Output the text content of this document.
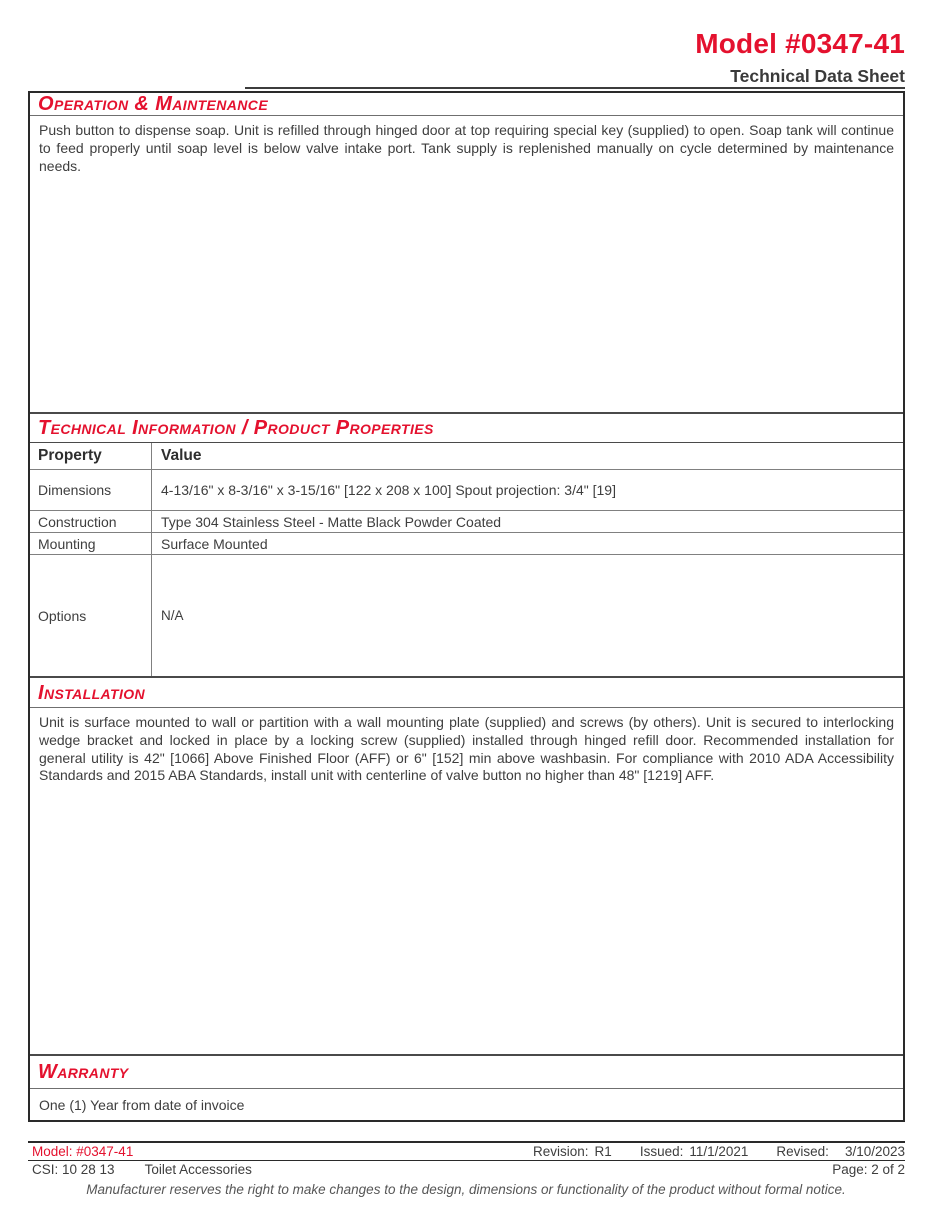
Model #0347-41
Technical Data Sheet
Operation & Maintenance

Push button to dispense soap. Unit is refilled through hinged door at top requiring special key (supplied) to open. Soap tank will continue to feed properly until soap level is below valve intake port. Tank supply is replenished manually on cycle determined by maintenance needs.

Technical Information / Product Properties
Property	Value
Dimensions	4-13/16" x 8-3/16" x 3-15/16" [122 x 208 x 100] Spout projection: 3/4" [19]
Construction	Type 304 Stainless Steel - Matte Black Powder Coated
Mounting	Surface Mounted
Options	N/A
Installation

Unit is surface mounted to wall or partition with a wall mounting plate (supplied) and screws (by others). Unit is secured to interlocking wedge bracket and locked in place by a locking screw (supplied) installed through hinged refill door. Recommended installation for general utility is 42" [1066] Above Finished Floor (AFF) or 6" [152] min above washbasin. For compliance with 2010 ADA Accessibility Standards and 2015 ABA Standards, install unit with centerline of valve button no higher than 48" [1219] AFF.

Warranty
One (1) Year from date of invoice
Model: #0347-41	Revision: R1 Issued: 11/1/2021 Revised: 3/10/2023
CSI: 10 28 13 Toilet Accessories	Page: 2 of 2
Manufacturer reserves the right to make changes to the design, dimensions or functionality of the product without formal notice.
